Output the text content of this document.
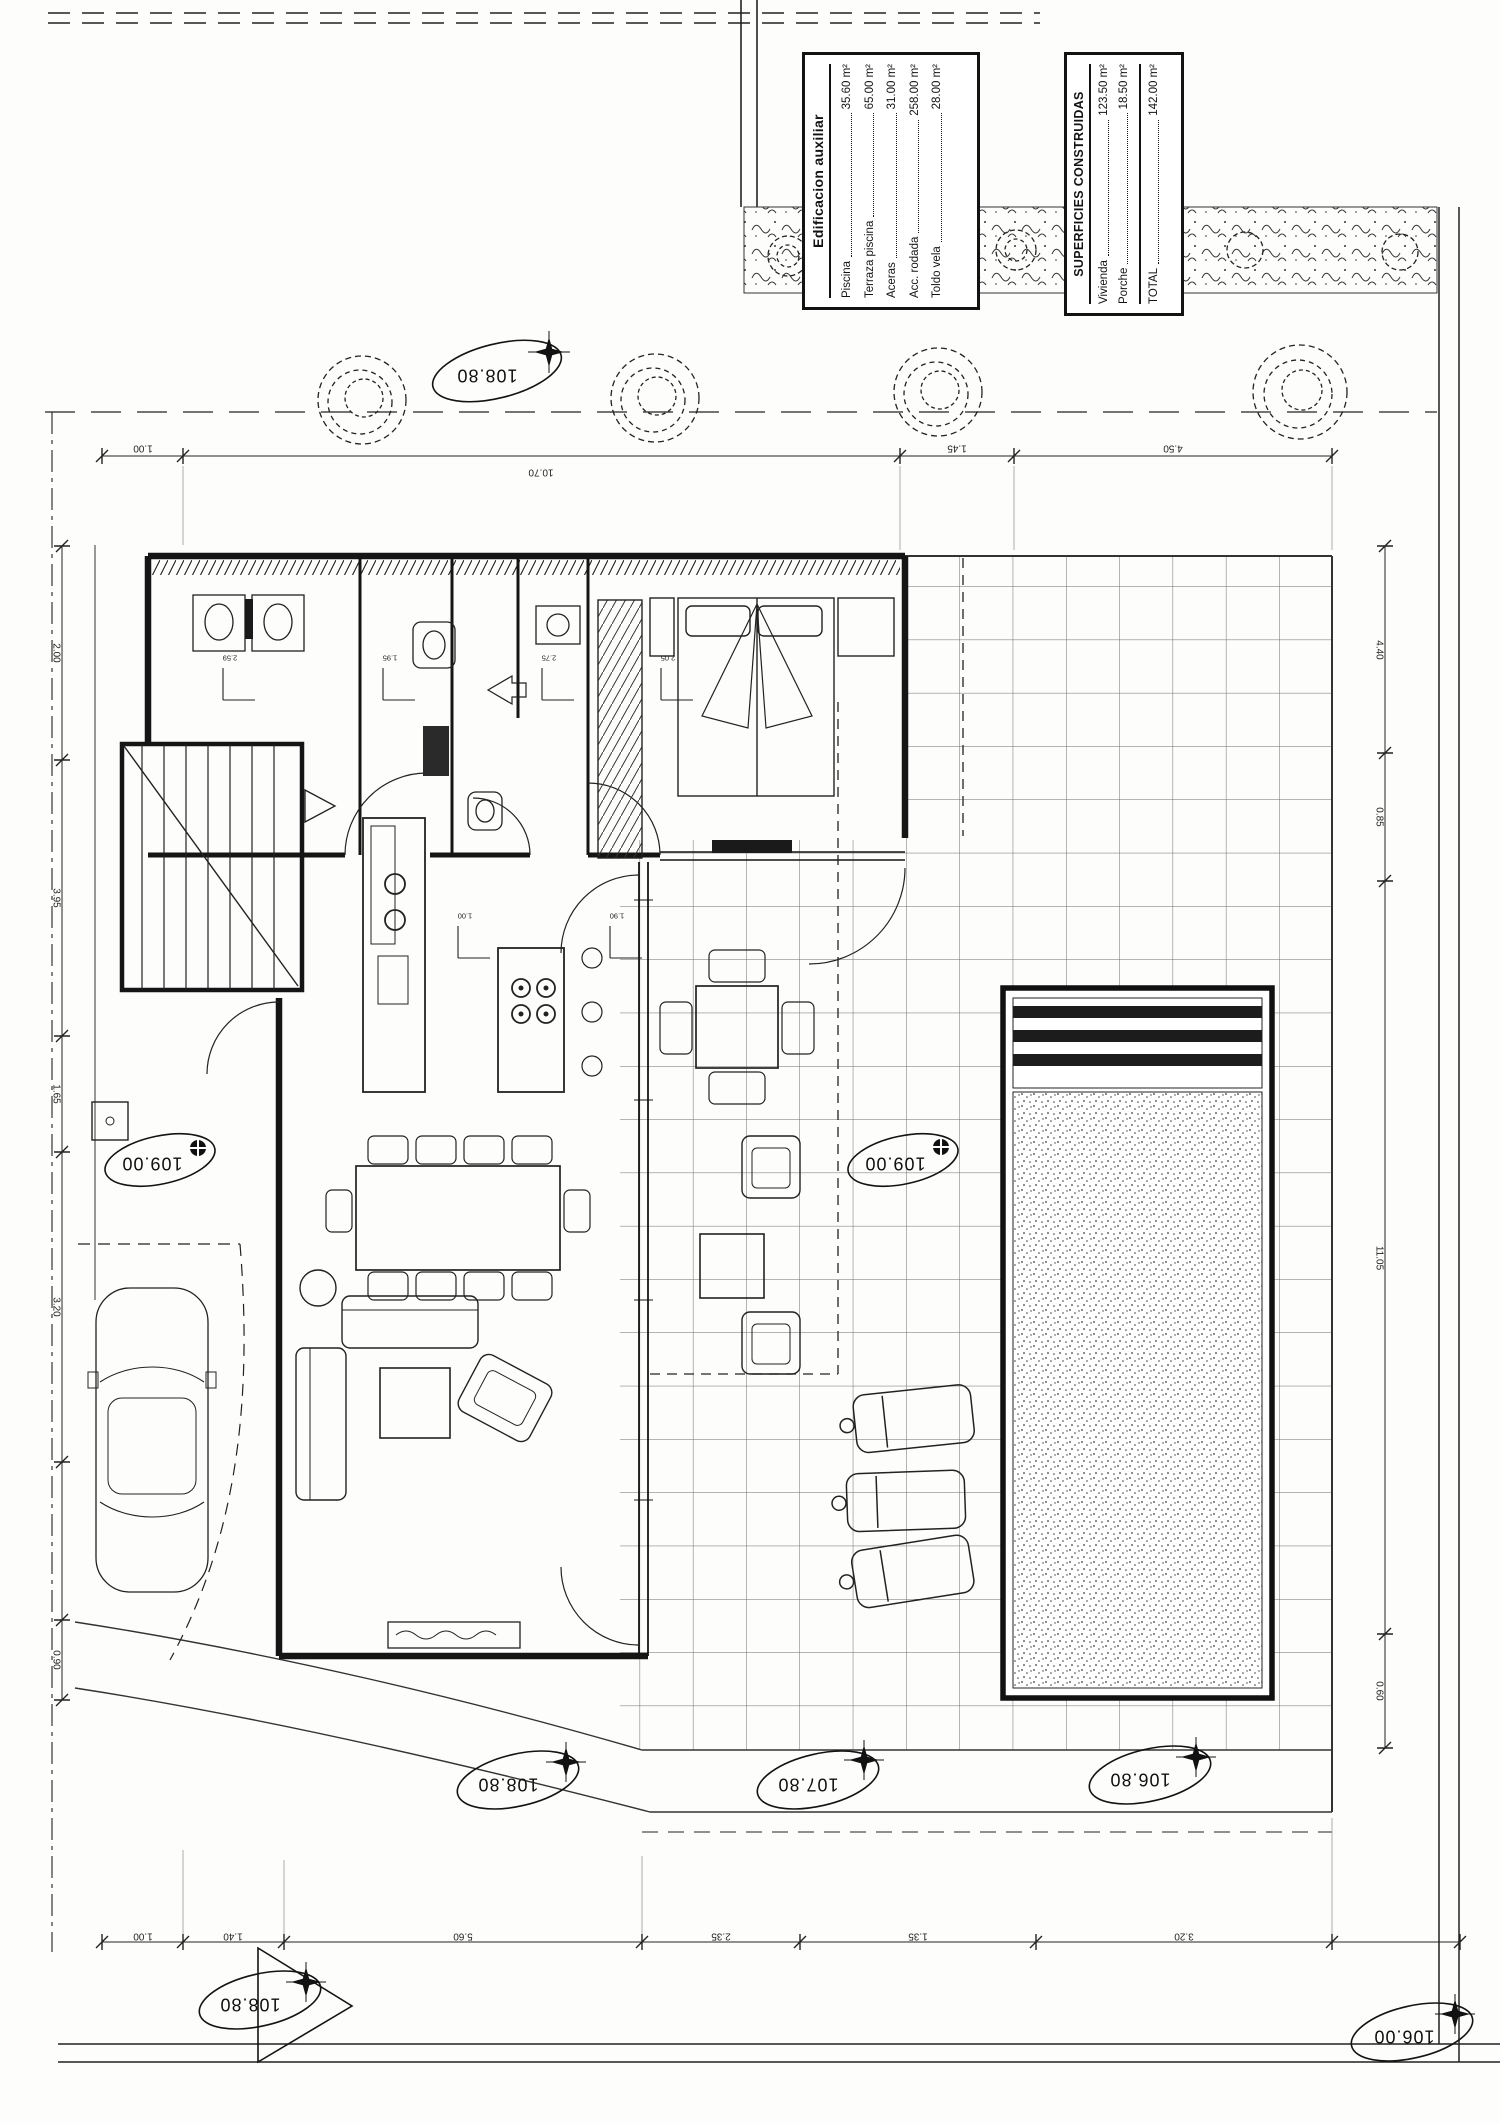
Edificacion auxiliar
Piscina
35.60 m²
Terraza piscina
65.00 m²
Aceras
31.00 m²
Acc. rodada
258.00 m²
Toldo vela
28.00 m²
SUPERFICIES CONSTRUIDAS
Vivienda
123.50 m²
Porche
18.50 m²
TOTAL
142.00 m²
108.80
109.00	109.00
108.80	107.80	106.80
108.80
106.00
1.00
10.70
1.45	4.50
2.00
3.95
1.65
3.20
0.90
4.40
0.85
11.05
0.60
1.00	1.40	5.60	2.35	1.35	3.20
2.59	1.95	2.75	2.05
1.00	1.90
